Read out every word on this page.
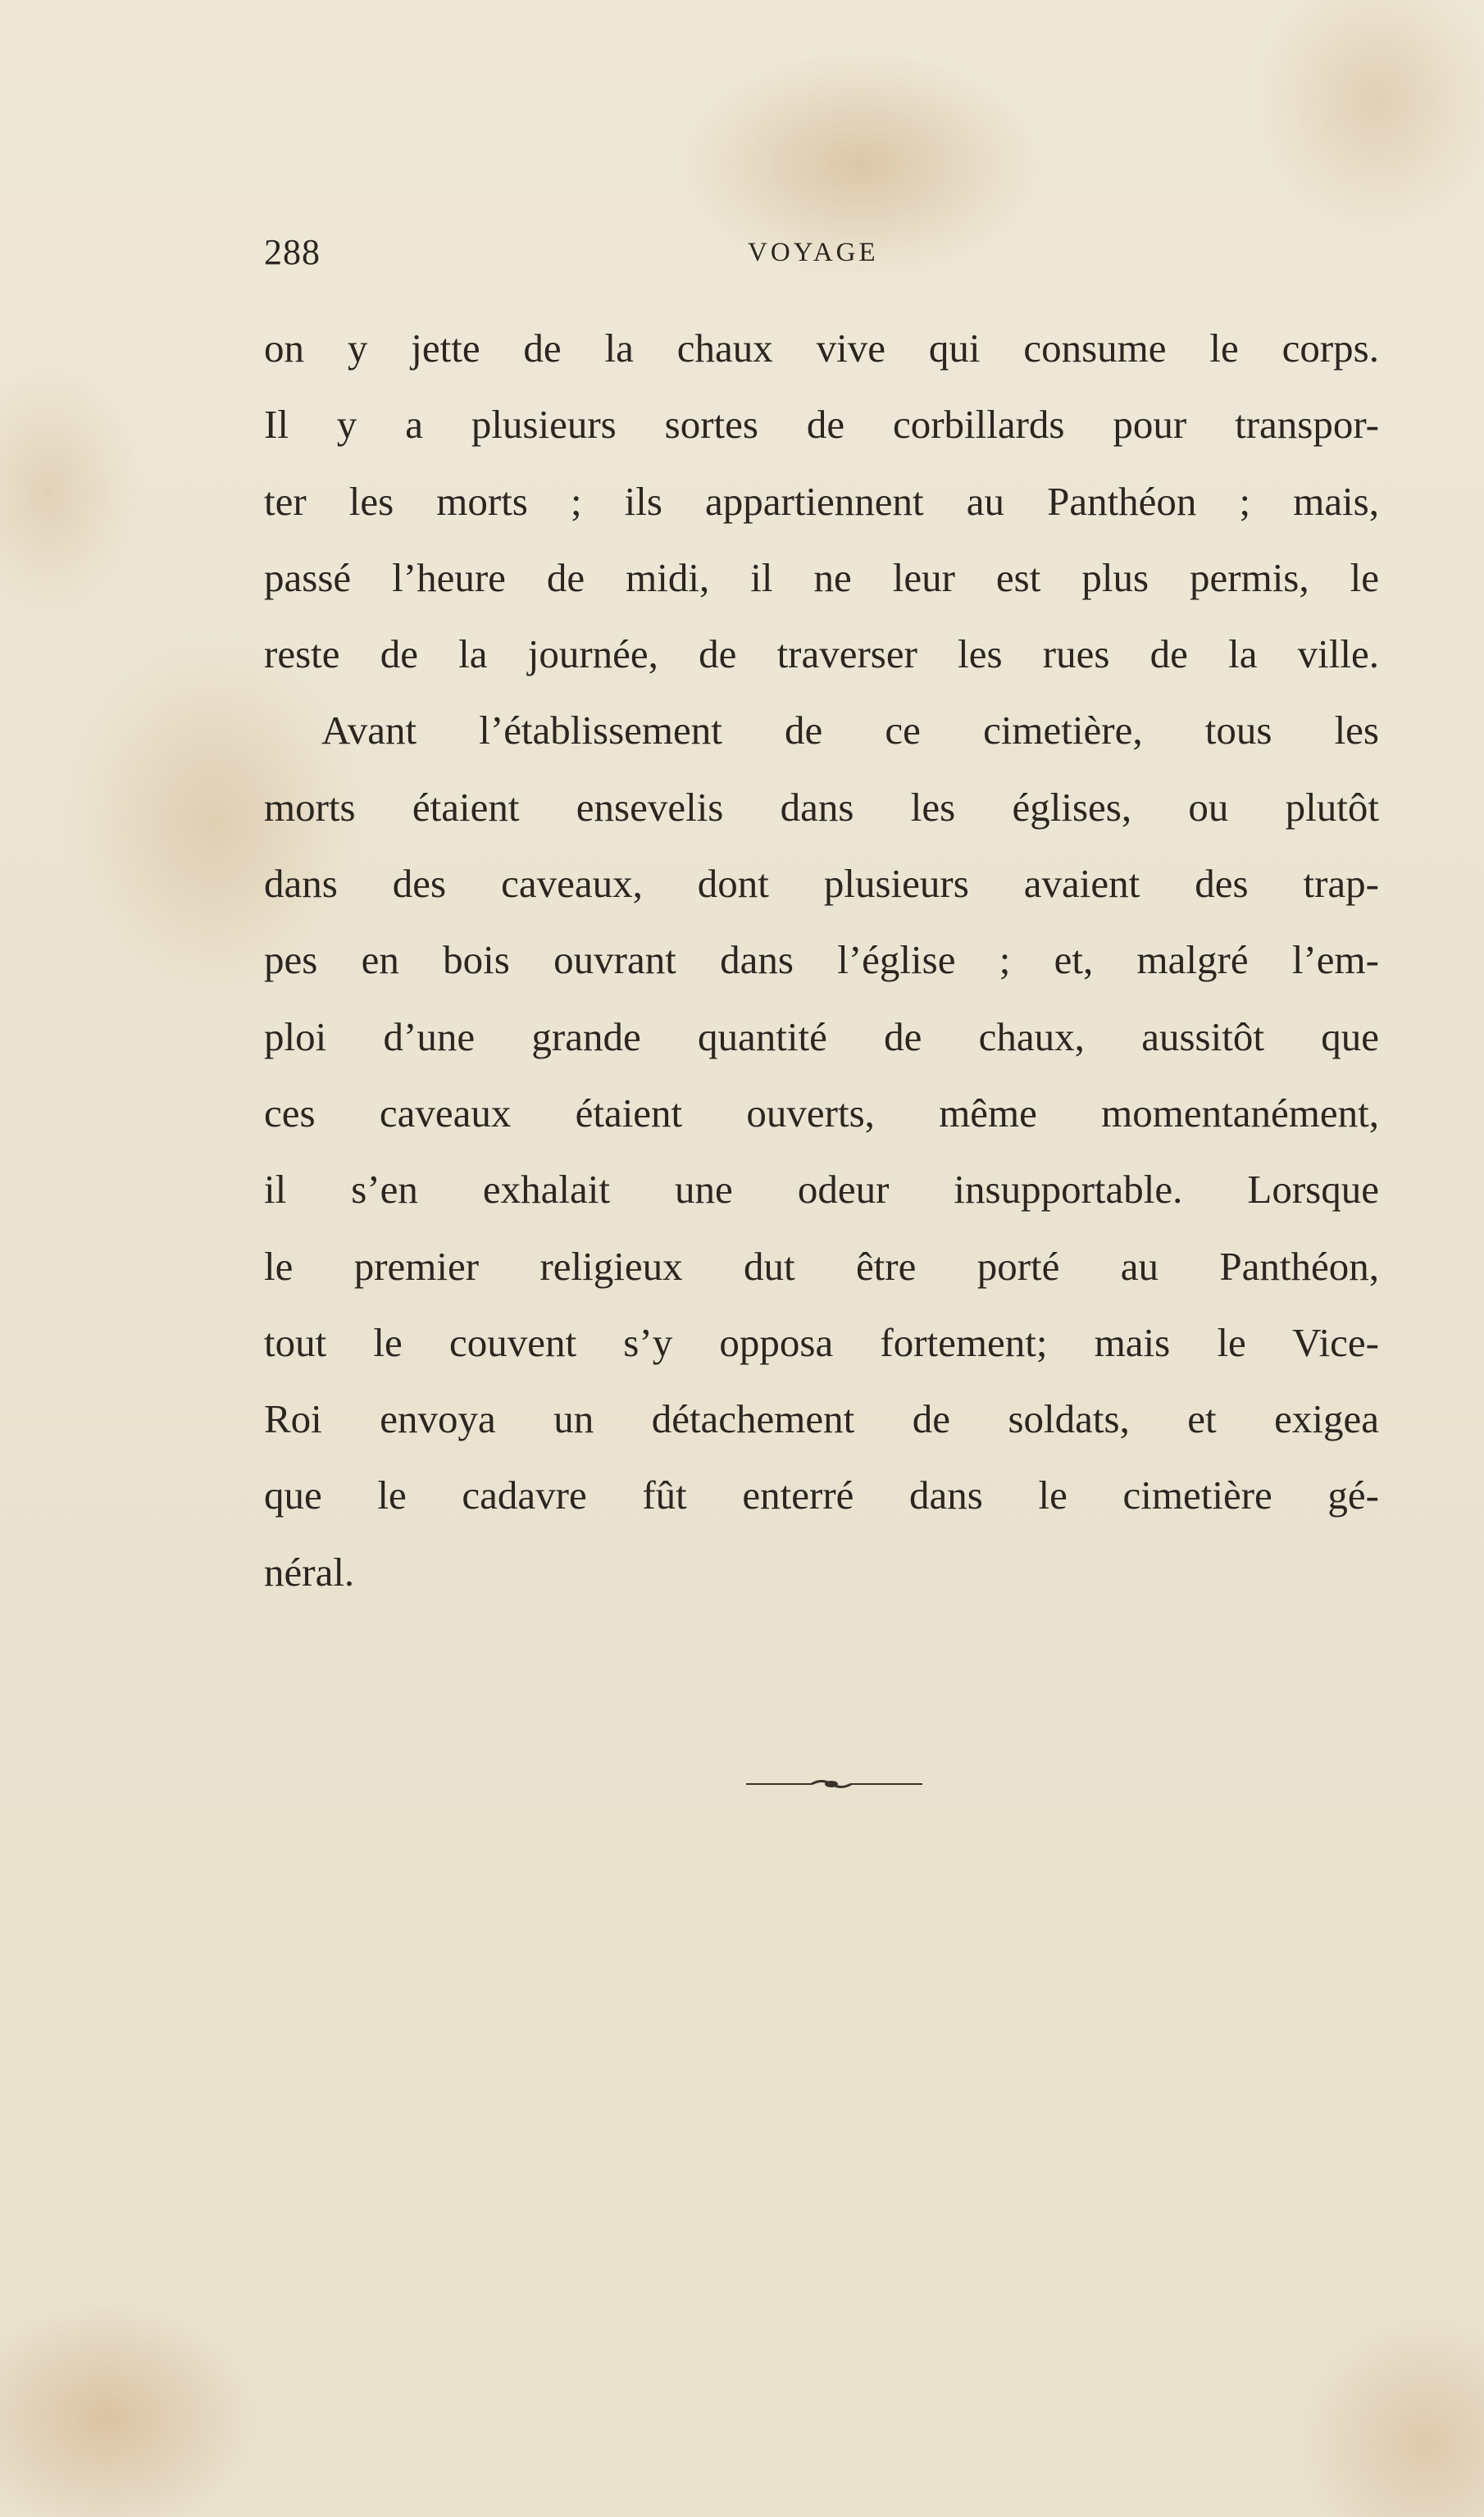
288	VOYAGE
on y jette de la chaux vive qui consume le corps.
Il y a plusieurs sortes de corbillards pour transpor-
ter les morts ; ils appartiennent au Panthéon ; mais,
passé l’heure de midi, il ne leur est plus permis, le
reste de la journée, de traverser les rues de la ville.
Avant l’établissement de ce cimetière, tous les
morts étaient ensevelis dans les églises, ou plutôt
dans des caveaux, dont plusieurs avaient des trap-
pes en bois ouvrant dans l’église ; et, malgré l’em-
ploi d’une grande quantité de chaux, aussitôt que
ces caveaux étaient ouverts, même momentanément,
il s’en exhalait une odeur insupportable. Lorsque
le premier religieux dut être porté au Panthéon,
tout le couvent s’y opposa fortement; mais le Vice-
Roi envoya un détachement de soldats, et exigea
que le cadavre fût enterré dans le cimetière gé-
néral.
